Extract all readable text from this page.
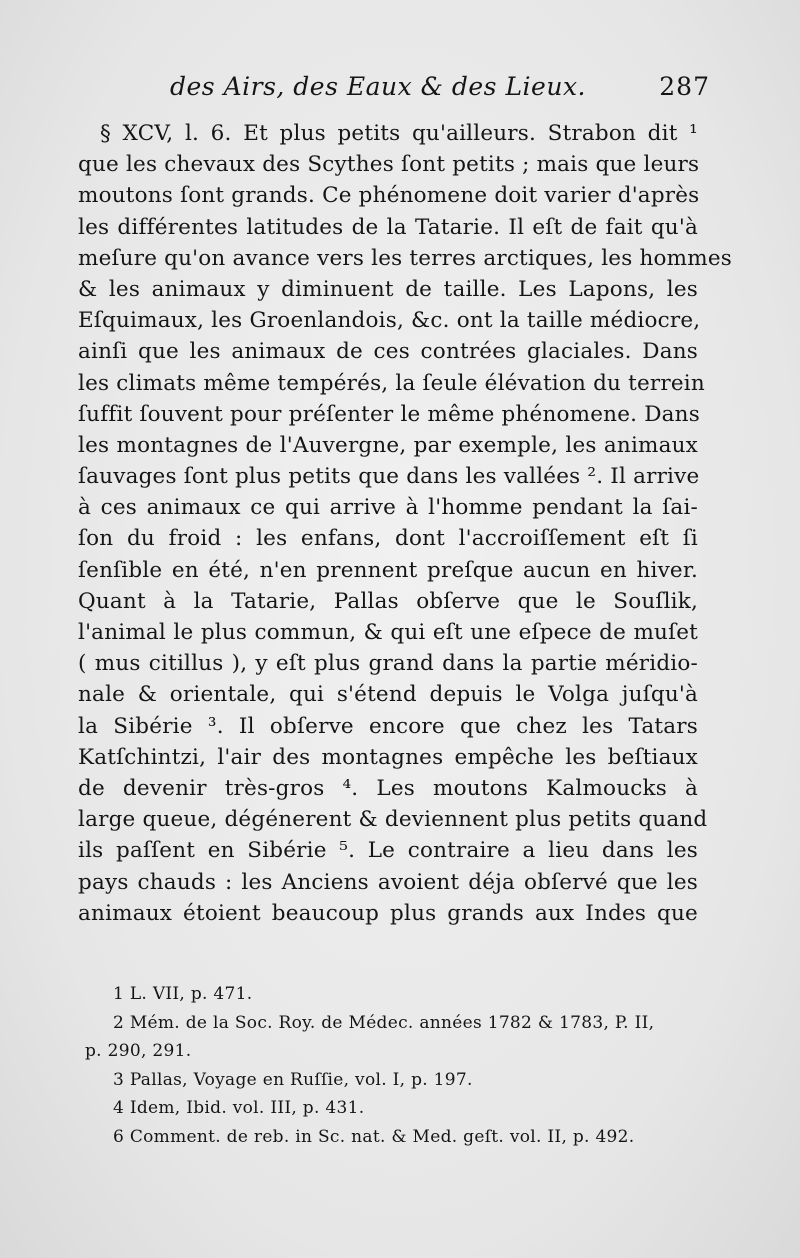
des Airs, des Eaux & des Lieux.	287
§ XCV, l. 6. Et plus petits qu'ailleurs. Strabon dit ¹
que les chevaux des Scythes ſont petits ; mais que leurs
moutons ſont grands. Ce phénomene doit varier d'après
les différentes latitudes de la Tatarie. Il eſt de fait qu'à
meſure qu'on avance vers les terres arctiques, les hommes
& les animaux y diminuent de taille. Les Lapons, les
Eſquimaux, les Groenlandois, &c. ont la taille médiocre,
ainſi que les animaux de ces contrées glaciales. Dans
les climats même tempérés, la ſeule élévation du terrein
ſuffit ſouvent pour préſenter le même phénomene. Dans
les montagnes de l'Auvergne, par exemple, les animaux
ſauvages ſont plus petits que dans les vallées ². Il arrive
à ces animaux ce qui arrive à l'homme pendant la ſai-
ſon du froid : les enfans, dont l'accroiſſement eſt ſi
ſenſible en été, n'en prennent preſque aucun en hiver.
Quant à la Tatarie, Pallas obſerve que le Souſlik,
l'animal le plus commun, & qui eſt une eſpece de muſet
( mus citillus ), y eſt plus grand dans la partie méridio-
nale & orientale, qui s'étend depuis le Volga juſqu'à
la Sibérie ³. Il obſerve encore que chez les Tatars
Katſchintzi, l'air des montagnes empêche les beſtiaux
de devenir très-gros ⁴. Les moutons Kalmoucks à
large queue, dégénerent & deviennent plus petits quand
ils paſſent en Sibérie ⁵. Le contraire a lieu dans les
pays chauds : les Anciens avoient déja obſervé que les
animaux étoient beaucoup plus grands aux Indes que
1 L. VII, p. 471.
2 Mém. de la Soc. Roy. de Médec. années 1782 & 1783, P. II,
p. 290, 291.
3 Pallas, Voyage en Ruſſie, vol. I, p. 197.
4 Idem, Ibid. vol. III, p. 431.
6 Comment. de reb. in Sc. nat. & Med. geſt. vol. II, p. 492.
